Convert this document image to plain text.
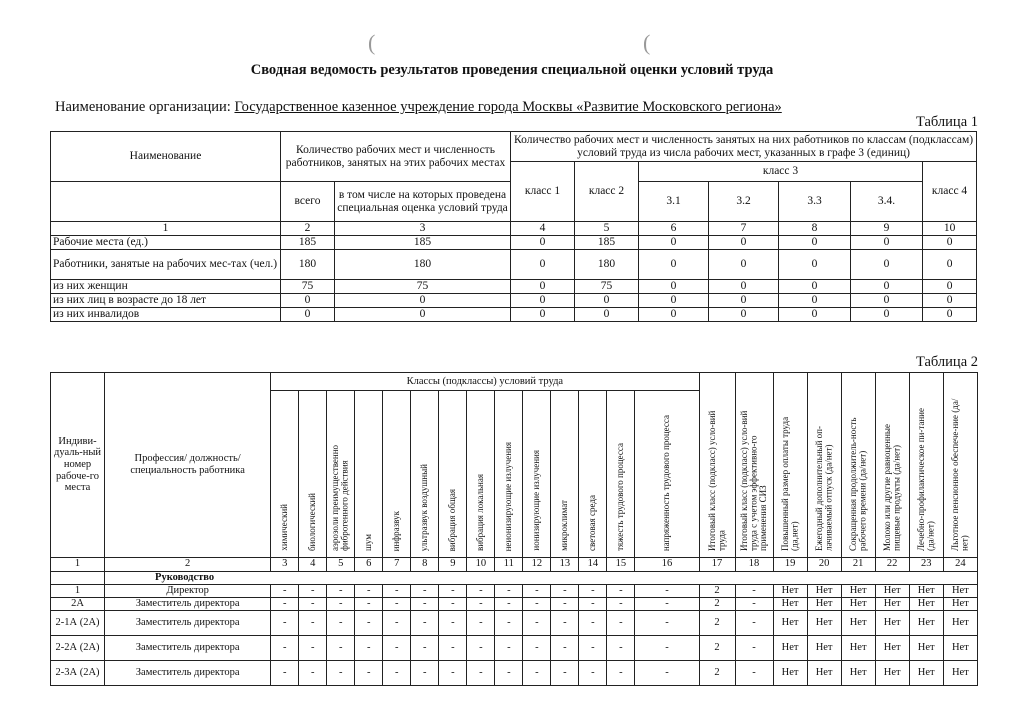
(	(
Сводная ведомость результатов проведения специальной оценки условий труда
Наименование организации: Государственное казенное учреждение города Москвы «Развитие Московского региона»
Таблица 1
Наименование	Количество рабочих мест и численность работников, занятых на этих рабочих местах		Количество рабочих мест и численность занятых на них работников по классам (подклассам) условий труда из числа рабочих мест, указанных в графе 3 (единиц)						
			класс 1	класс 2	класс 3				класс 4
	всего	в том числе на которых проведена специальная оценка условий труда			3.1	3.2	3.3	3.4.	

1	2	3	4	5	6	7	8	9	10
Рабочие места (ед.)	185	185	0	185	0	0	0	0	0
Работники, занятые на рабочих мес-тах (чел.)	180	180	0	180	0	0	0	0	0
из них женщин	75	75	0	75	0	0	0	0	0
из них лиц в возрасте до 18 лет	0	0	0	0	0	0	0	0	0
из них инвалидов	0	0	0	0	0	0	0	0	0
Таблица 2
Индиви-дуаль-ный номер рабоче-го места	Профессия/ должность/ специальность работника	Классы (подклассы) условий труда														Итоговый класс (подкласс) усло-вий труда	Итоговый класс (подкласс) усло-вий труда с учетом эффективно-го применения СИЗ	Повышенный размер оплаты труда (да,нет)	Ежегодный дополнительный оп-лачиваемый отпуск (да/нет)	Сокращенная продолжитель-ность рабочего времени (да/нет)	Молоко или другие равноценные пищевые продукты (да/нет)	Лечебно-профилактическое пи-тание (да/нет)	Льготное пенсионное обеспече-ние (да/нет)
		химический	биологический	аэрозоли преимущественно фиброгенного действия	шум	инфразвук	ультразвук воздушный	вибрация общая	вибрация локальная	неионизирующие излучения	ионизирующие излучения	микроклимат	световая среда	тяжесть трудового процесса	напряженность трудового процесса								
1	2	3	4	5	6	7	8	9	10	11	12	13	14	15	16	17	18	19	20	21	22	23	24
	Руководство																						
1	Директор	-	-	-	-	-	-	-	-	-	-	-	-	-	-	2	-	Нет	Нет	Нет	Нет	Нет	Нет
2А	Заместитель директора	-	-	-	-	-	-	-	-	-	-	-	-	-	-	2	-	Нет	Нет	Нет	Нет	Нет	Нет
2-1А (2А)	Заместитель директора	-	-	-	-	-	-	-	-	-	-	-	-	-	-	2	-	Нет	Нет	Нет	Нет	Нет	Нет
2-2А (2А)	Заместитель директора	-	-	-	-	-	-	-	-	-	-	-	-	-	-	2	-	Нет	Нет	Нет	Нет	Нет	Нет
2-3А (2А)	Заместитель директора	-	-	-	-	-	-	-	-	-	-	-	-	-	-	2	-	Нет	Нет	Нет	Нет	Нет	Нет
